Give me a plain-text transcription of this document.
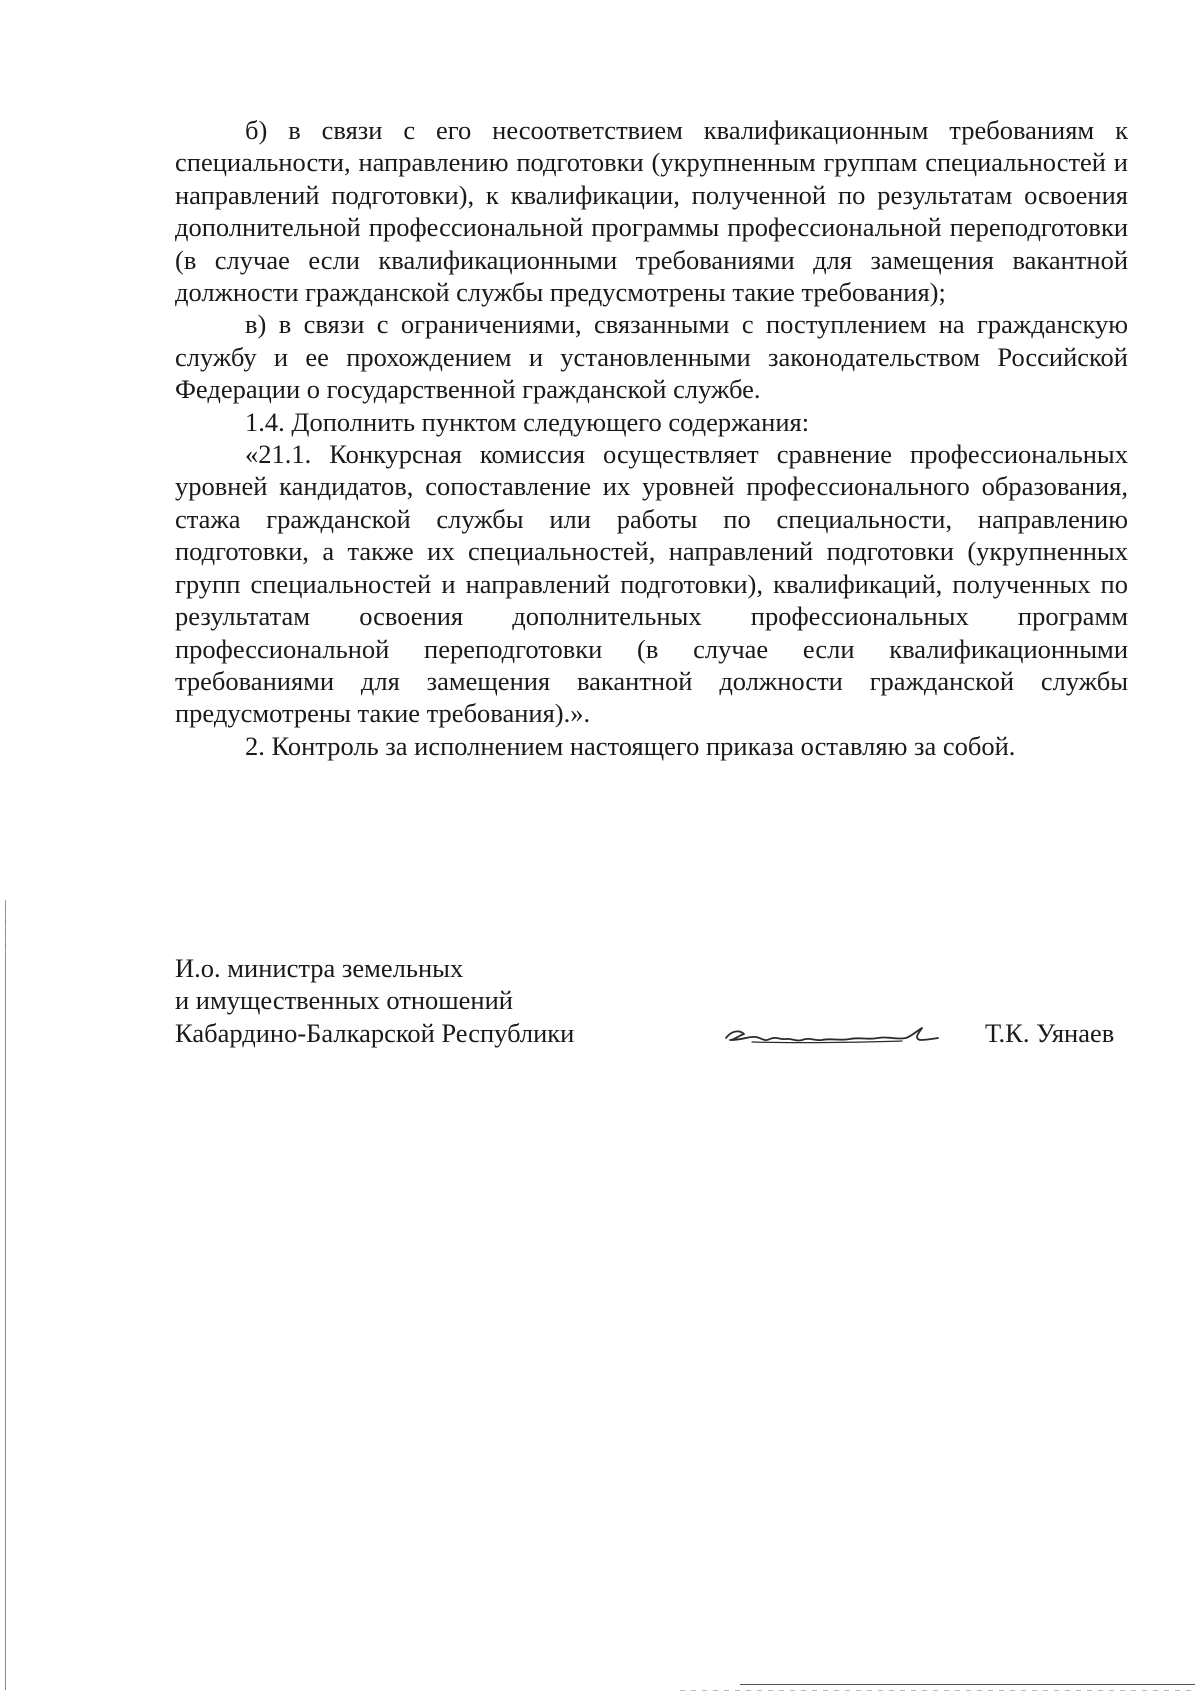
б) в связи с его несоответствием квалификационным требованиям к специальности, направлению подготовки (укрупненным группам специальностей и направлений подготовки), к квалификации, полученной по результатам освоения дополнительной профессиональной программы профессиональной переподготовки (в случае если квалификационными требованиями для замещения вакантной должности гражданской службы предусмотрены такие требования);

в) в связи с ограничениями, связанными с поступлением на гражданскую службу и ее прохождением и установленными законодательством Российской Федерации о государственной гражданской службе.

1.4. Дополнить пунктом следующего содержания:

«21.1. Конкурсная комиссия осуществляет сравнение профессиональных уровней кандидатов, сопоставление их уровней профессионального образования, стажа гражданской службы или работы по специальности, направлению подготовки, а также их специальностей, направлений подготовки (укрупненных групп специальностей и направлений подготовки), квалификаций, полученных по результатам освоения дополнительных профессиональных программ профессиональной переподготовки (в случае если квалификационными требованиями для замещения вакантной должности гражданской службы предусмотрены такие требования).».

2. Контроль за исполнением настоящего приказа оставляю за собой.

И.о. министра земельных
и имущественных отношений
Кабардино-Балкарской Республики	Т.К. Уянаев
